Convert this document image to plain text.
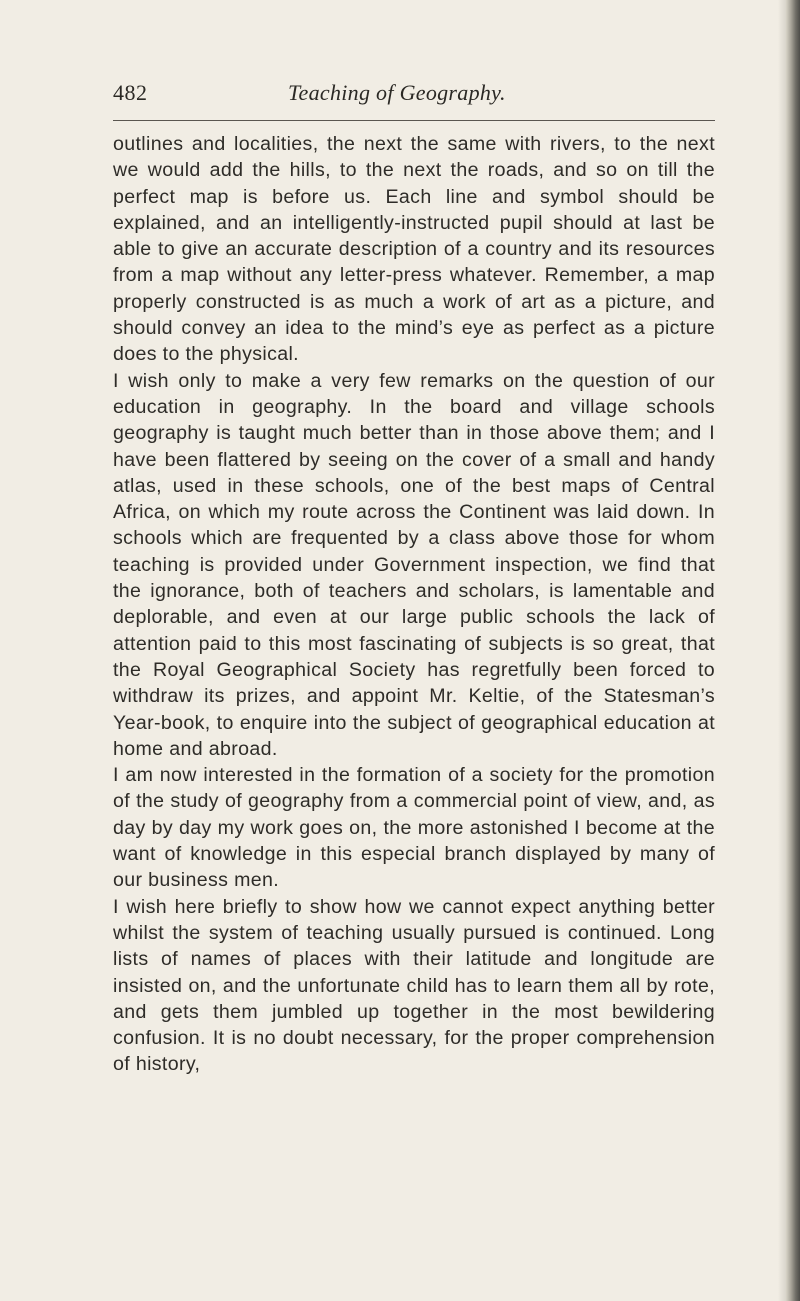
482	Teaching of Geography.

outlines and localities, the next the same with rivers, to the next we would add the hills, to the next the roads, and so on till the perfect map is before us. Each line and symbol should be explained, and an intelligently-instructed pupil should at last be able to give an accurate description of a country and its resources from a map without any letter-press whatever. Remember, a map properly constructed is as much a work of art as a picture, and should convey an idea to the mind’s eye as perfect as a picture does to the physical.

I wish only to make a very few remarks on the question of our education in geography. In the board and village schools geography is taught much better than in those above them; and I have been flattered by seeing on the cover of a small and handy atlas, used in these schools, one of the best maps of Central Africa, on which my route across the Continent was laid down. In schools which are frequented by a class above those for whom teaching is provided under Government inspection, we find that the ignorance, both of teachers and scholars, is lamentable and deplorable, and even at our large public schools the lack of attention paid to this most fascinating of subjects is so great, that the Royal Geographical Society has regretfully been forced to withdraw its prizes, and appoint Mr. Keltie, of the Statesman’s Year-book, to enquire into the subject of geographical education at home and abroad.

I am now interested in the formation of a society for the promotion of the study of geography from a commercial point of view, and, as day by day my work goes on, the more astonished I become at the want of knowledge in this especial branch displayed by many of our business men.

I wish here briefly to show how we cannot expect anything better whilst the system of teaching usually pursued is continued. Long lists of names of places with their latitude and longitude are insisted on, and the unfortunate child has to learn them all by rote, and gets them jumbled up together in the most bewildering confusion. It is no doubt necessary, for the proper comprehension of history,
